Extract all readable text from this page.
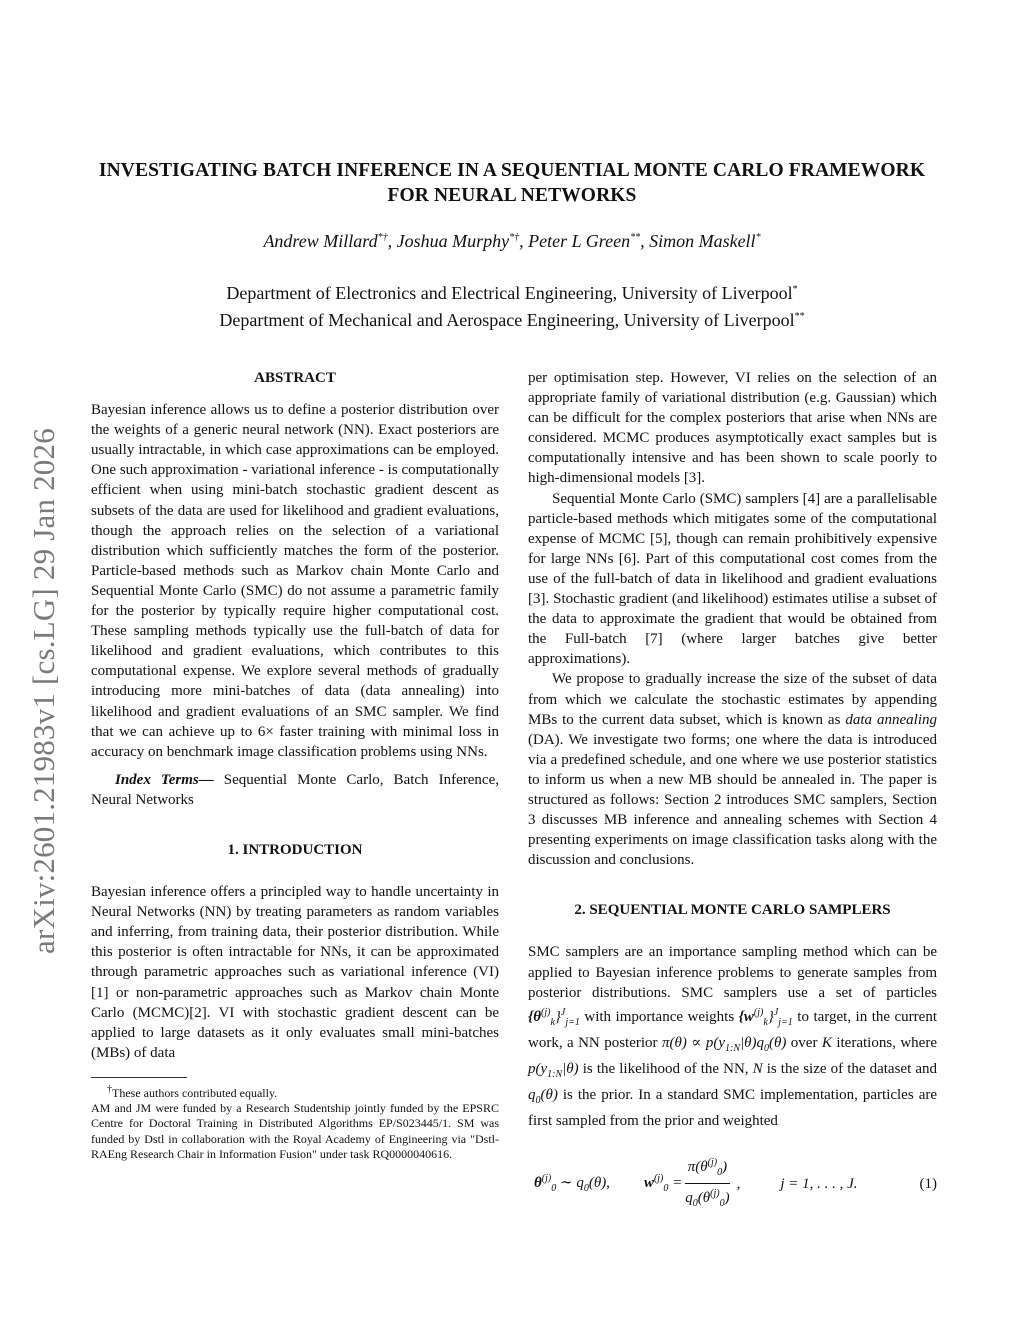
arXiv:2601.21983v1 [cs.LG] 29 Jan 2026
INVESTIGATING BATCH INFERENCE IN A SEQUENTIAL MONTE CARLO FRAMEWORK
FOR NEURAL NETWORKS
Andrew Millard*†, Joshua Murphy*†, Peter L Green**, Simon Maskell*
Department of Electronics and Electrical Engineering, University of Liverpool*
Department of Mechanical and Aerospace Engineering, University of Liverpool**

ABSTRACT

Bayesian inference allows us to define a posterior distribution over the weights of a generic neural network (NN). Exact posteriors are usually intractable, in which case approximations can be employed. One such approximation - variational inference - is computationally efficient when using mini-batch stochastic gradient descent as subsets of the data are used for likelihood and gradient evaluations, though the approach relies on the selection of a variational distribution which sufficiently matches the form of the posterior. Particle-based methods such as Markov chain Monte Carlo and Sequential Monte Carlo (SMC) do not assume a parametric family for the posterior by typically require higher computational cost. These sampling methods typically use the full-batch of data for likelihood and gradient evaluations, which contributes to this computational expense. We explore several methods of gradually introducing more mini-batches of data (data annealing) into likelihood and gradient evaluations of an SMC sampler. We find that we can achieve up to 6× faster training with minimal loss in accuracy on benchmark image classification problems using NNs.

Index Terms— Sequential Monte Carlo, Batch Inference, Neural Networks

1. INTRODUCTION

Bayesian inference offers a principled way to handle uncertainty in Neural Networks (NN) by treating parameters as random variables and inferring, from training data, their posterior distribution. While this posterior is often intractable for NNs, it can be approximated through parametric approaches such as variational inference (VI) [1] or non-parametric approaches such as Markov chain Monte Carlo (MCMC)[2]. VI with stochastic gradient descent can be applied to large datasets as it only evaluates small mini-batches (MBs) of data

†These authors contributed equally.

AM and JM were funded by a Research Studentship jointly funded by the EPSRC Centre for Doctoral Training in Distributed Algorithms EP/S023445/1. SM was funded by Dstl in collaboration with the Royal Academy of Engineering via "Dstl-RAEng Research Chair in Information Fusion" under task RQ0000040616.

per optimisation step. However, VI relies on the selection of an appropriate family of variational distribution (e.g. Gaussian) which can be difficult for the complex posteriors that arise when NNs are considered. MCMC produces asymptotically exact samples but is computationally intensive and has been shown to scale poorly to high-dimensional models [3].

Sequential Monte Carlo (SMC) samplers [4] are a parallelisable particle-based methods which mitigates some of the computational expense of MCMC [5], though can remain prohibitively expensive for large NNs [6]. Part of this computational cost comes from the use of the full-batch of data in likelihood and gradient evaluations [3]. Stochastic gradient (and likelihood) estimates utilise a subset of the data to approximate the gradient that would be obtained from the Full-batch [7] (where larger batches give better approximations).

We propose to gradually increase the size of the subset of data from which we calculate the stochastic estimates by appending MBs to the current data subset, which is known as data annealing (DA). We investigate two forms; one where the data is introduced via a predefined schedule, and one where we use posterior statistics to inform us when a new MB should be annealed in. The paper is structured as follows: Section 2 introduces SMC samplers, Section 3 discusses MB inference and annealing schemes with Section 4 presenting experiments on image classification tasks along with the discussion and conclusions.

2. SEQUENTIAL MONTE CARLO SAMPLERS

SMC samplers are an importance sampling method which can be applied to Bayesian inference problems to generate samples from posterior distributions. SMC samplers use a set of particles $\{\theta^{(j)}_k\}^J_{j=1}$ with importance weights $\{w^{(j)}_k\}^J_{j=1}$ to target, in the current work, a NN posterior $\pi(\theta) \propto p(y_{1:N}|\theta)q_0(\theta)$ over K iterations, where $p(y_{1:N}|\theta)$ is the likelihood of the NN, N is the size of the dataset and $q_0(\theta)$ is the prior. In a standard SMC implementation, particles are first sampled from the prior and weighted

$\theta^{(j)}_0$ ∼ $q_0(\theta)$, $w^{(j)}_0 = \frac{\pi(\theta^{(j)}_0)}{q_0(\theta^{(j)}_0)}$ ,	j = 1, . . . , J.	(1)
